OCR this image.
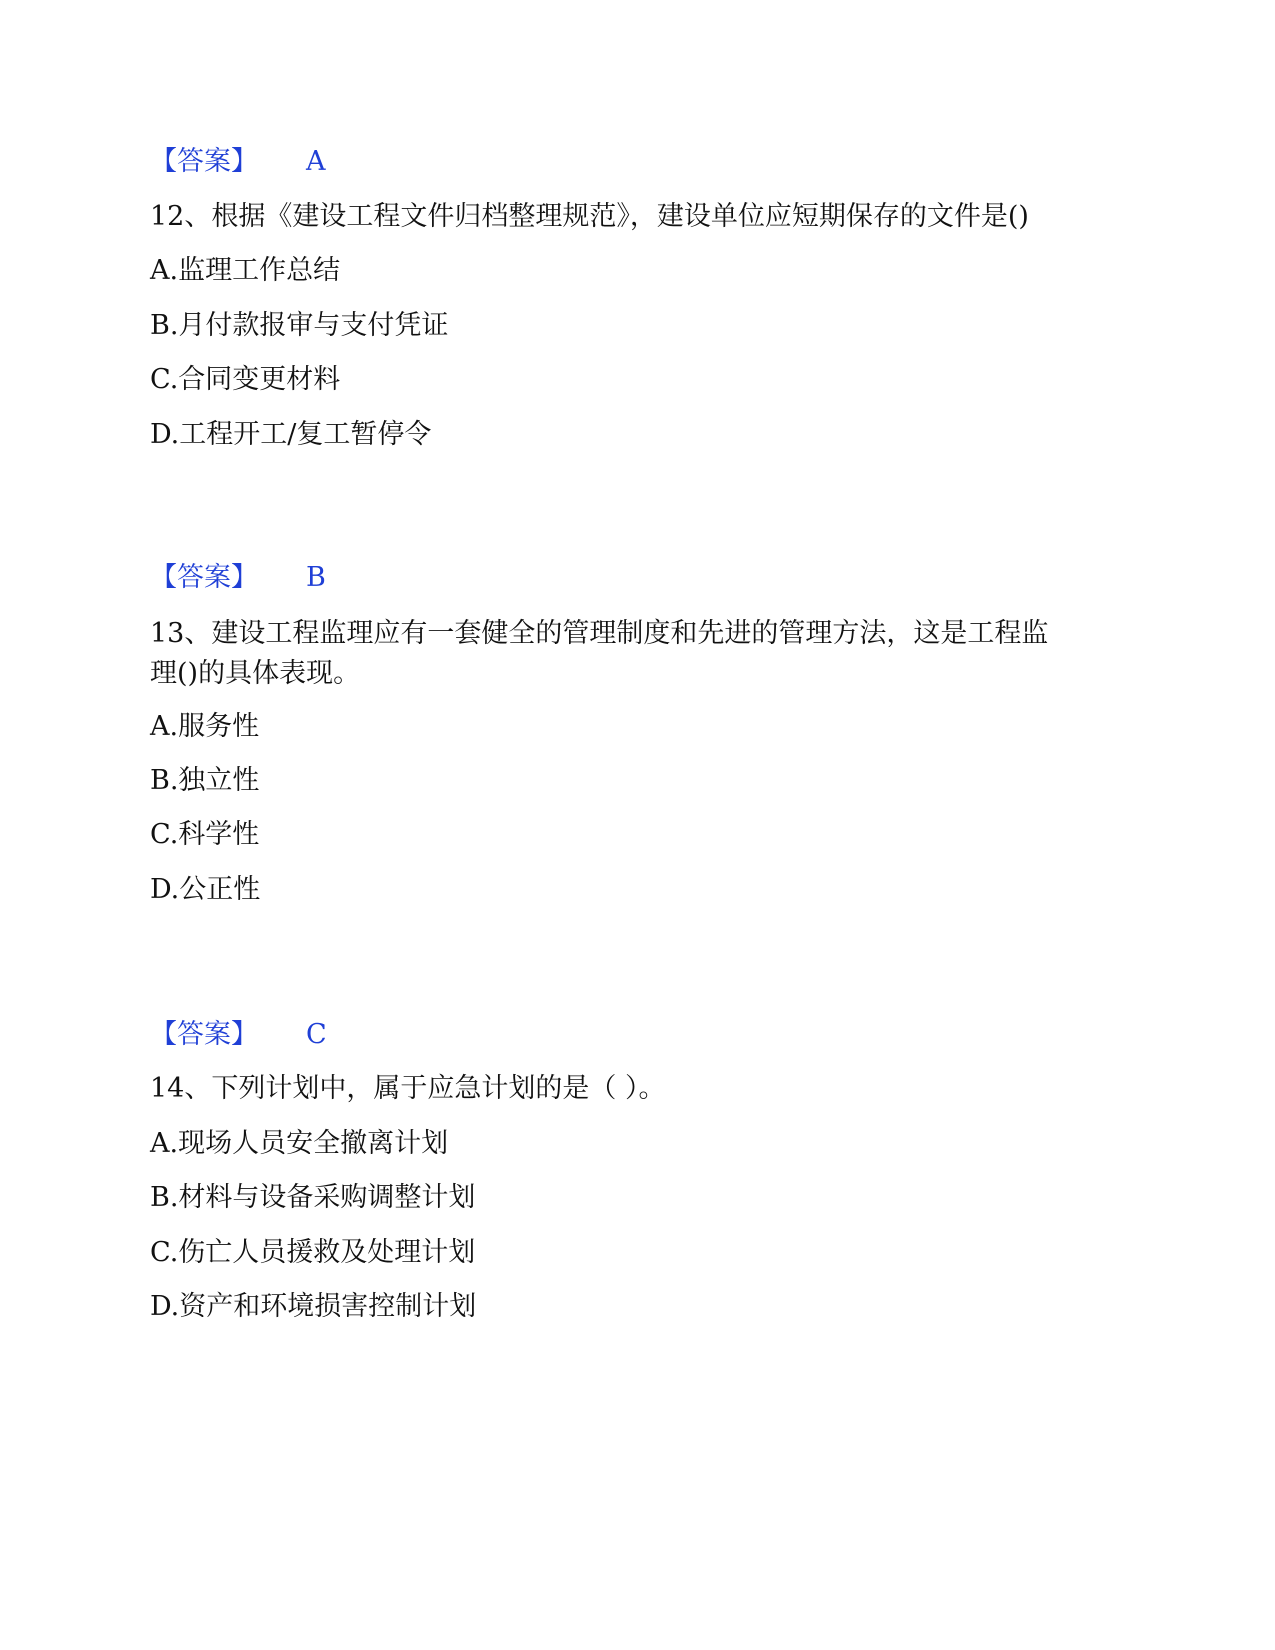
【答案】 A
12、根据《建设工程文件归档整理规范》，建设单位应短期保存的文件是()
A.监理工作总结
B.月付款报审与支付凭证
C.合同变更材料
D.工程开工/复工暂停令
【答案】 B
13、建设工程监理应有一套健全的管理制度和先进的管理方法，这是工程监
理()的具体表现。
A.服务性
B.独立性
C.科学性
D.公正性
【答案】 C
14、下列计划中，属于应急计划的是（ ）。
A.现场人员安全撤离计划
B.材料与设备采购调整计划
C.伤亡人员援救及处理计划
D.资产和环境损害控制计划
